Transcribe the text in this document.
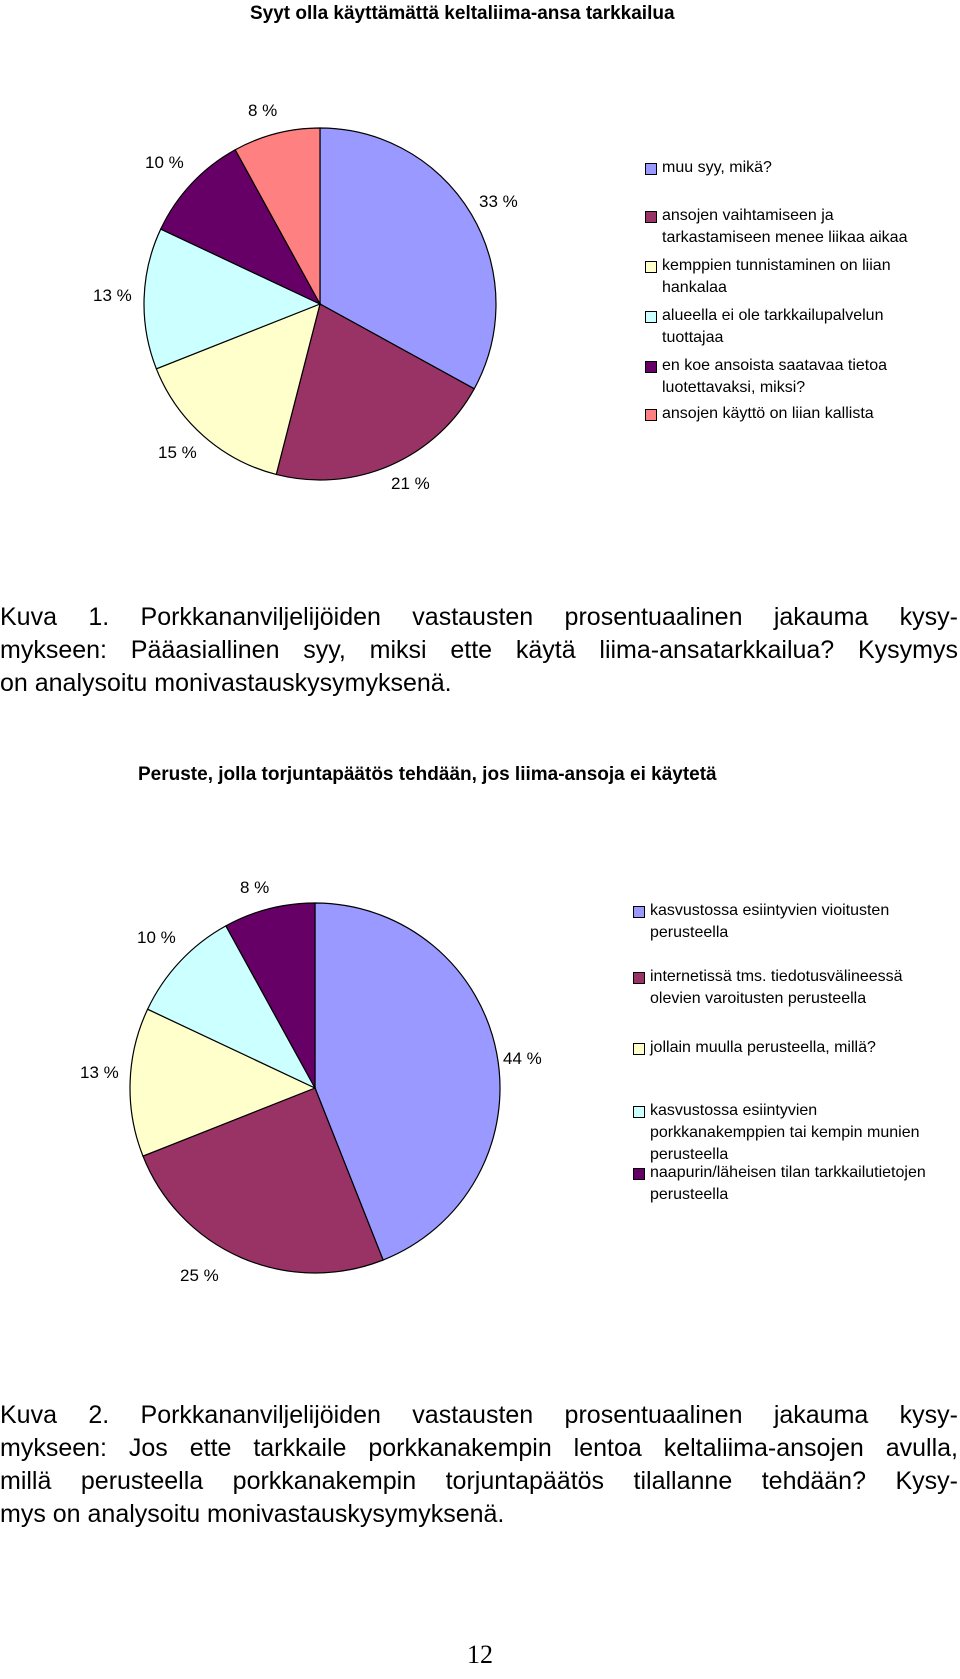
Syyt olla käyttämättä keltaliima-ansa tarkkailua
33 %
21 %
15 %
13 %
10 %
8 %
muu syy, mikä?
ansojen vaihtamiseen ja tarkastamiseen menee liikaa aikaa
kemppien tunnistaminen on liian hankalaa
alueella ei ole tarkkailupalvelun tuottajaa
en koe ansoista saatavaa tietoa luotettavaksi, miksi?
ansojen käyttö on liian kallista
Kuva 1. Porkkananviljelijöiden vastausten prosentuaalinen jakauma kysy-
mykseen: Pääasiallinen syy, miksi ette käytä liima-ansatarkkailua? Kysymys
on analysoitu monivastauskysymyksenä.
Peruste, jolla torjuntapäätös tehdään, jos liima-ansoja ei käytetä
44 %
25 %
13 %
10 %
8 %
kasvustossa esiintyvien vioitusten perusteella
internetissä tms. tiedotusvälineessä olevien varoitusten perusteella
jollain muulla perusteella, millä?
kasvustossa esiintyvien porkkanakemppien tai kempin munien perusteella
naapurin/läheisen tilan tarkkailutietojen perusteella
Kuva 2. Porkkananviljelijöiden vastausten prosentuaalinen jakauma kysy-
mykseen: Jos ette tarkkaile porkkanakempin lentoa keltaliima-ansojen avulla,
millä perusteella porkkanakempin torjuntapäätös tilallanne tehdään? Kysy-
mys on analysoitu monivastauskysymyksenä.
12
